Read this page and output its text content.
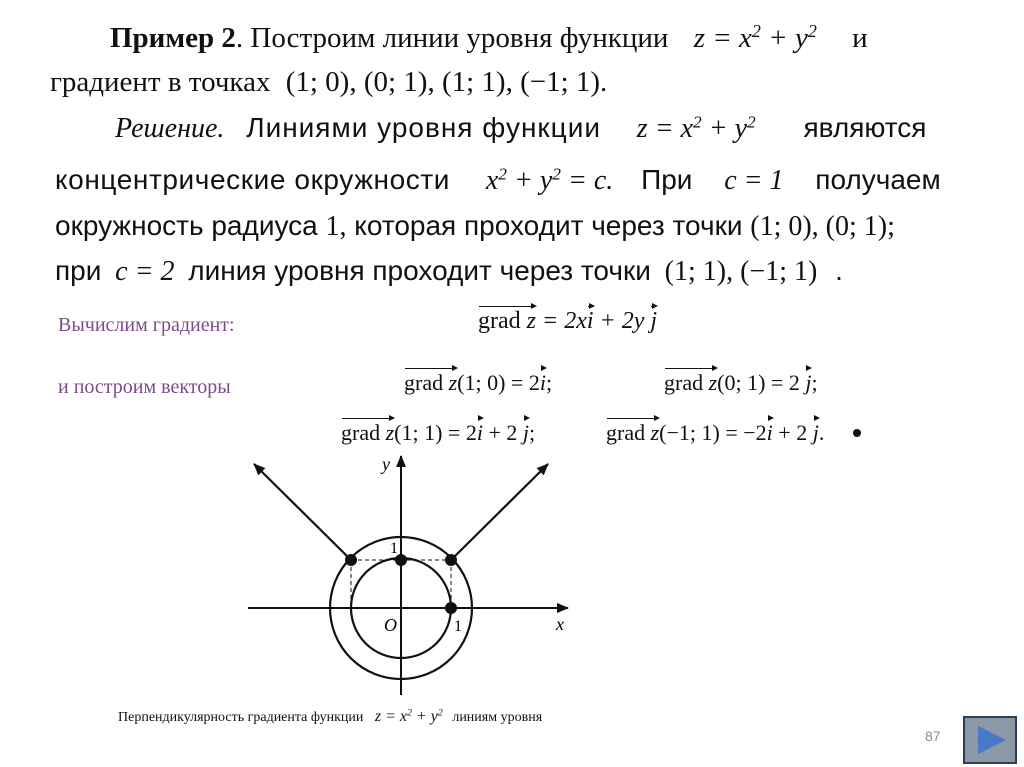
Пример 2. Построим линии уровня функции $z = x^2 + y^2$ и
градиент в точках (1; 0), (0; 1), (1; 1), (−1; 1).
Решение. Линиями уровня функции $z = x^2 + y^2$ являются
концентрические окружности $x^2 + y^2 = c$. При c = 1 получаем
окружность радиуса 1, которая проходит через точки (1; 0), (0; 1);
при c = 2 линия уровня проходит через точки (1; 1), (−1; 1) .
Вычислим градиент:	grad z = 2xi + 2y j
и построим векторы	grad z(1; 0) = 2i;	grad z(0; 1) = 2 j;
grad z(1; 1) = 2i + 2 j;	grad z(−1; 1) = −2i + 2 j.
y
x
O	1
1
Перпендикулярность градиента функции $z = x^2 + y^2$ линиям уровня
87
